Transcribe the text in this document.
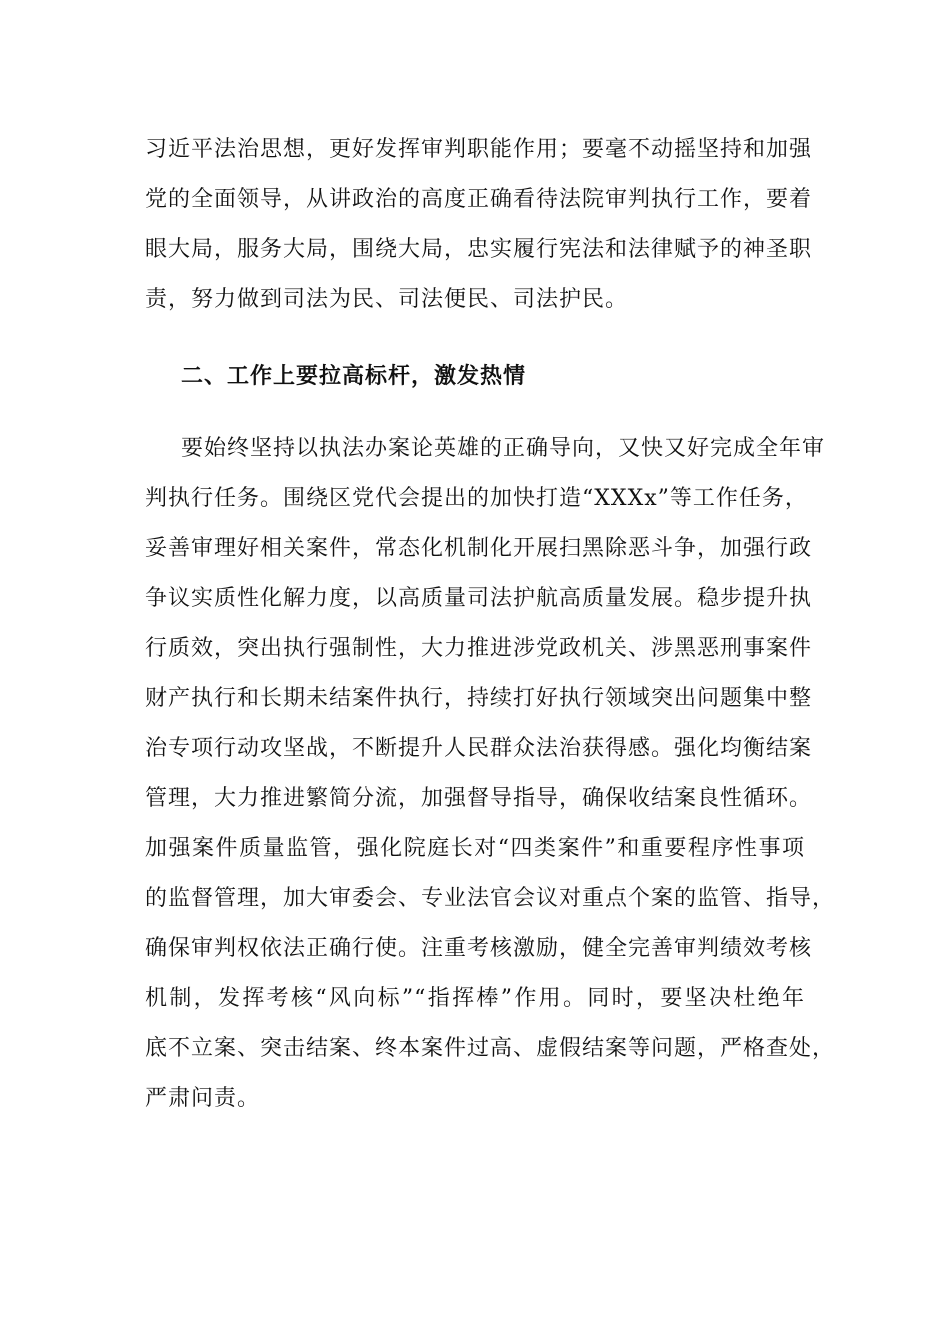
习近平法治思想，更好发挥审判职能作用；要毫不动摇坚持和加强
党的全面领导，从讲政治的高度正确看待法院审判执行工作，要着
眼大局，服务大局，围绕大局，忠实履行宪法和法律赋予的神圣职
责，努力做到司法为民、司法便民、司法护民。
二、工作上要拉高标杆，激发热情
要始终坚持以执法办案论英雄的正确导向，又快又好完成全年审
判执行任务。围绕区党代会提出的加快打造“XXXx”等工作任务，
妥善审理好相关案件，常态化机制化开展扫黑除恶斗争，加强行政
争议实质性化解力度，以高质量司法护航高质量发展。稳步提升执
行质效，突出执行强制性，大力推进涉党政机关、涉黑恶刑事案件
财产执行和长期未结案件执行，持续打好执行领域突出问题集中整
治专项行动攻坚战，不断提升人民群众法治获得感。强化均衡结案
管理，大力推进繁简分流，加强督导指导，确保收结案良性循环。
加强案件质量监管，强化院庭长对“四类案件”和重要程序性事项
的监督管理，加大审委会、专业法官会议对重点个案的监管、指导，
确保审判权依法正确行使。注重考核激励，健全完善审判绩效考核
机制，发挥考核“风向标”“指挥棒”作用。同时，要坚决杜绝年
底不立案、突击结案、终本案件过高、虚假结案等问题，严格查处，
严肃问责。
